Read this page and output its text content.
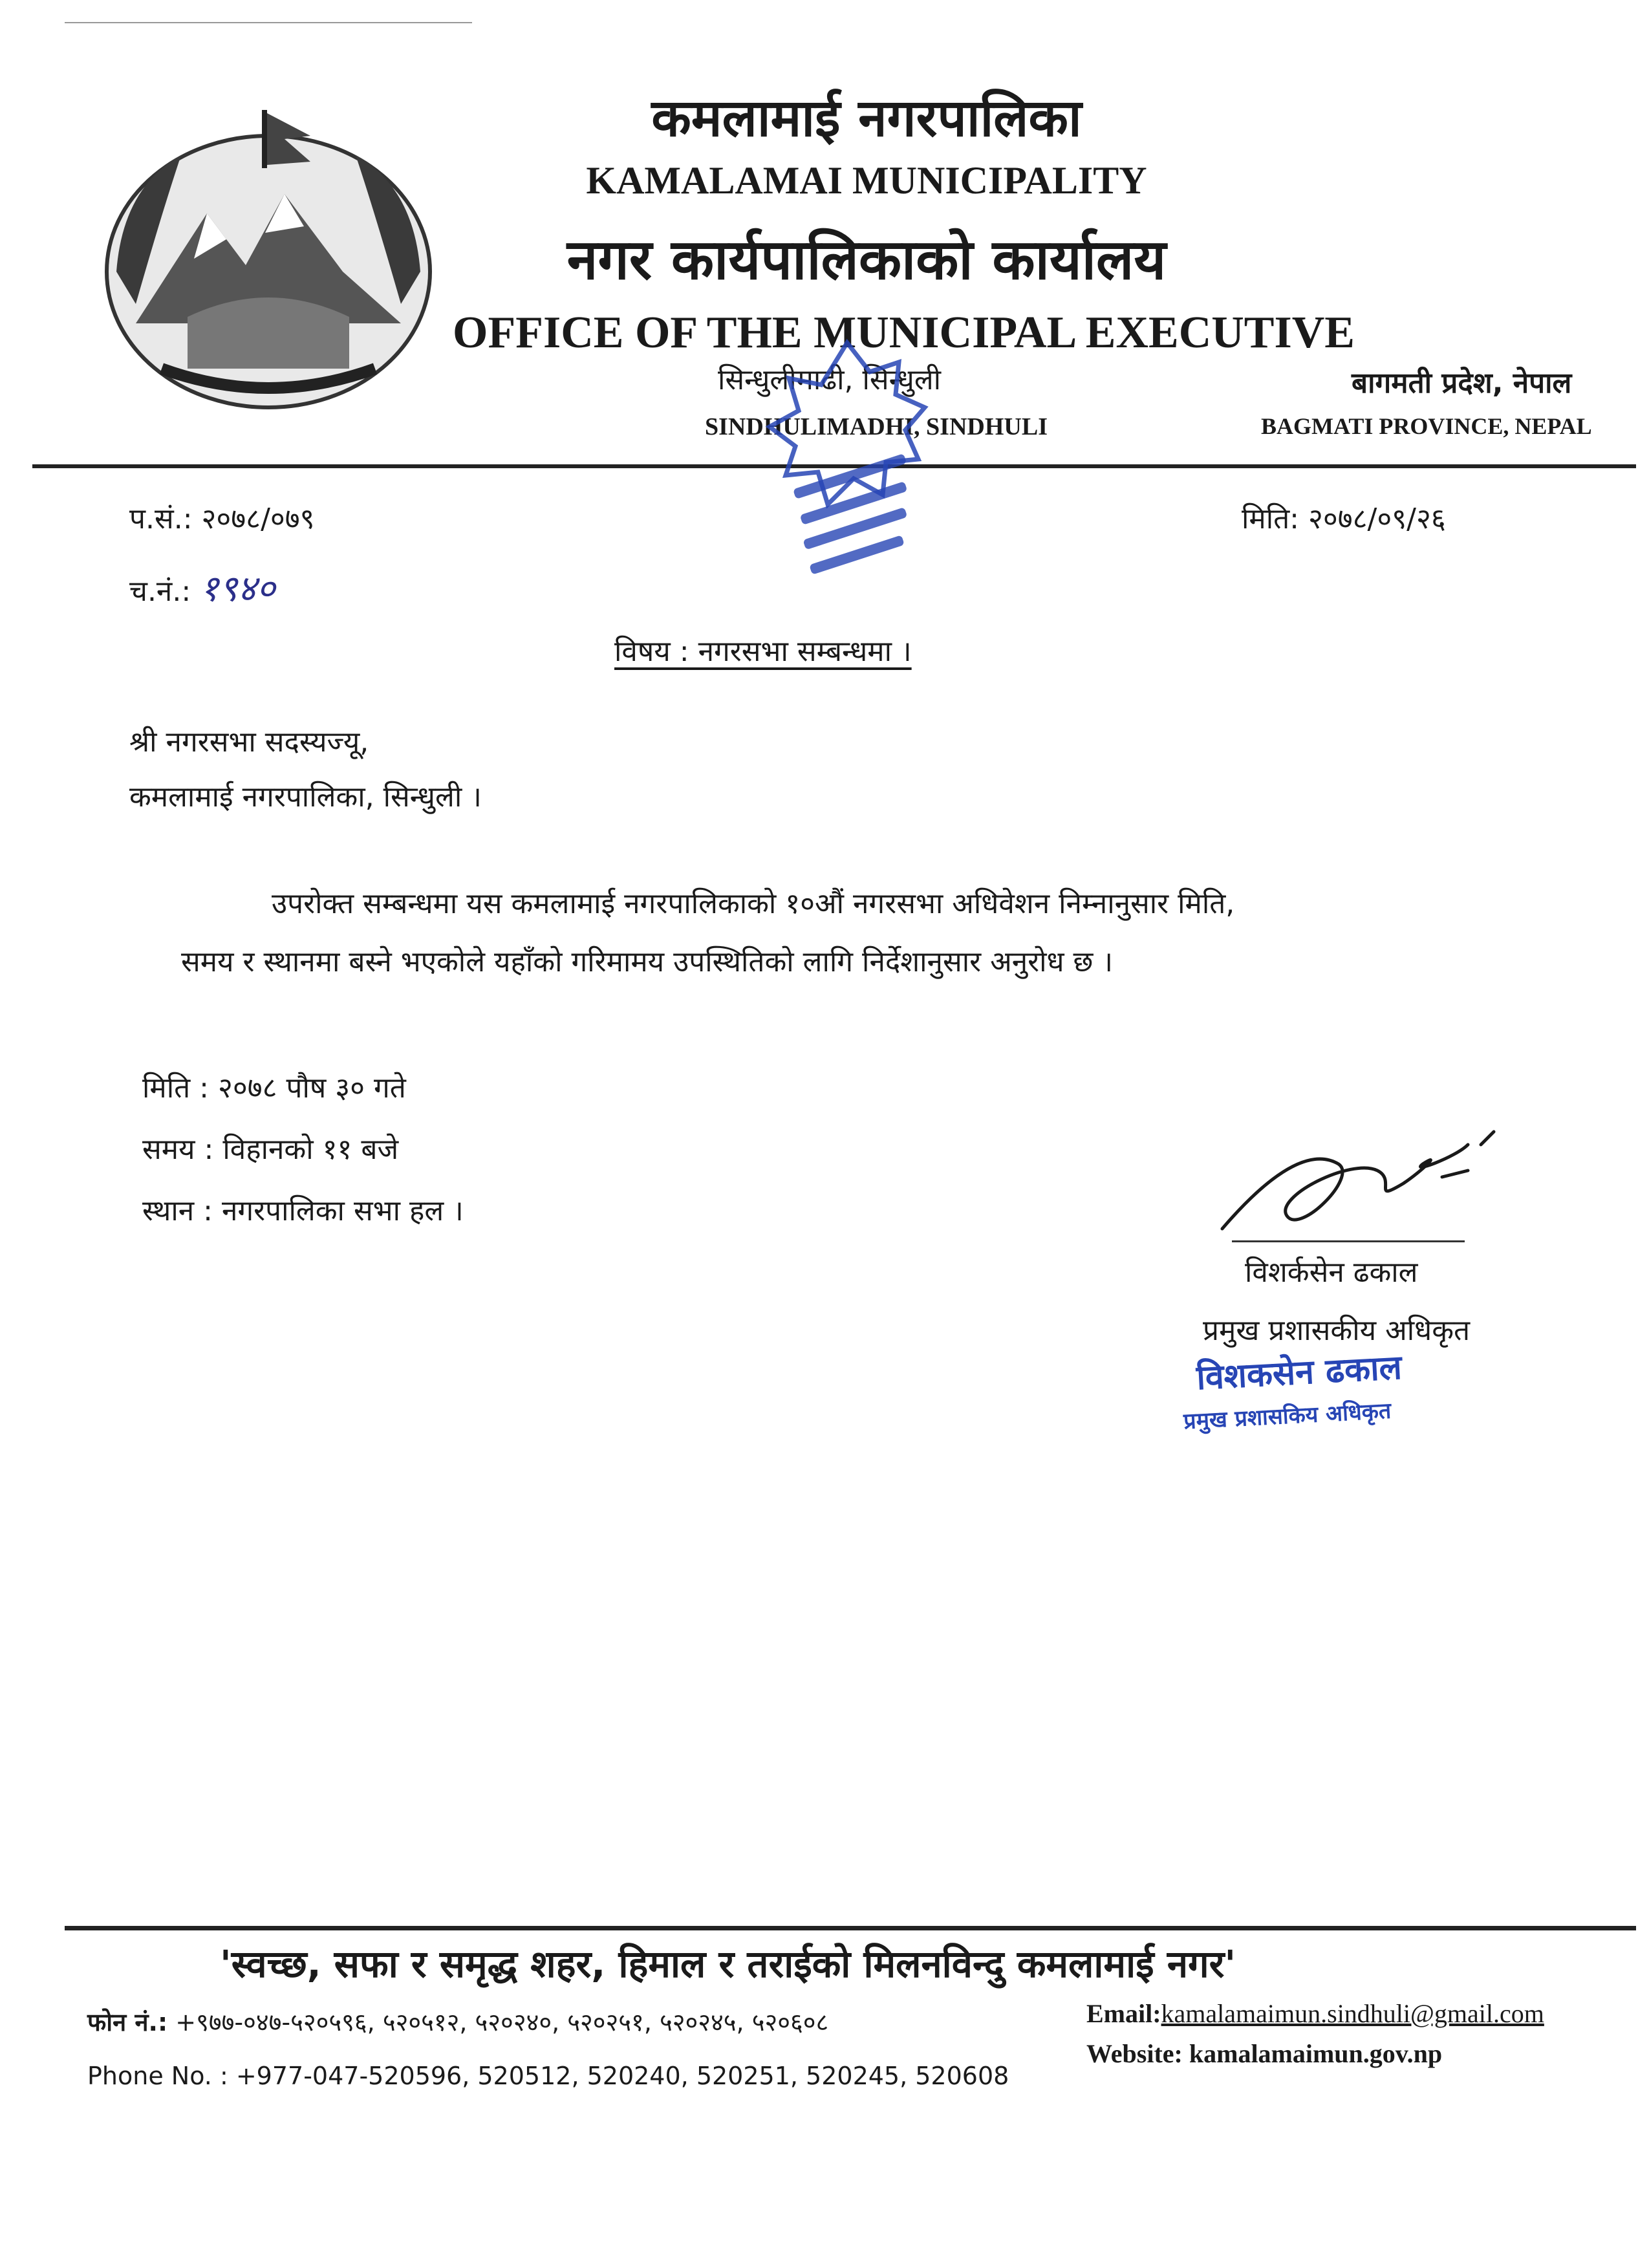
कमलामाई नगरपालिका
KAMALAMAI MUNICIPALITY
नगर कार्यपालिकाको कार्यालय
OFFICE OF THE MUNICIPAL EXECUTIVE
सिन्धुलीमाढी, सिन्धुली
SINDHULIMADHI, SINDHULI
बागमती प्रदेश, नेपाल
BAGMATI PROVINCE, NEPAL
प.सं.: २०७८/०७९
च.नं.: १९४०
मिति: २०७८/०९/२६
विषय : नगरसभा सम्बन्धमा ।
श्री नगरसभा सदस्यज्यू,
कमलामाई नगरपालिका, सिन्धुली ।
उपरोक्त सम्बन्धमा यस कमलामाई नगरपालिकाको १०औं नगरसभा अधिवेशन निम्नानुसार मिति,
समय र स्थानमा बस्ने भएकोले यहाँको गरिमामय उपस्थितिको लागि निर्देशानुसार अनुरोध छ ।
मिति : २०७८ पौष ३० गते
समय : विहानको ११ बजे
स्थान : नगरपालिका सभा हल ।
विशर्कसेन ढकाल
प्रमुख प्रशासकीय अधिकृत
विशकसेन ढकाल
प्रमुख प्रशासकिय अधिकृत
'स्वच्छ, सफा र समृद्ध शहर, हिमाल र तराईको मिलनविन्दु कमलामाई नगर'
फोन नं.: +९७७-०४७-५२०५९६, ५२०५१२, ५२०२४०, ५२०२५१, ५२०२४५, ५२०६०८
Phone No. : +977-047-520596, 520512, 520240, 520251, 520245, 520608
Email:kamalamaimun.sindhuli@gmail.com
Website: kamalamaimun.gov.np
